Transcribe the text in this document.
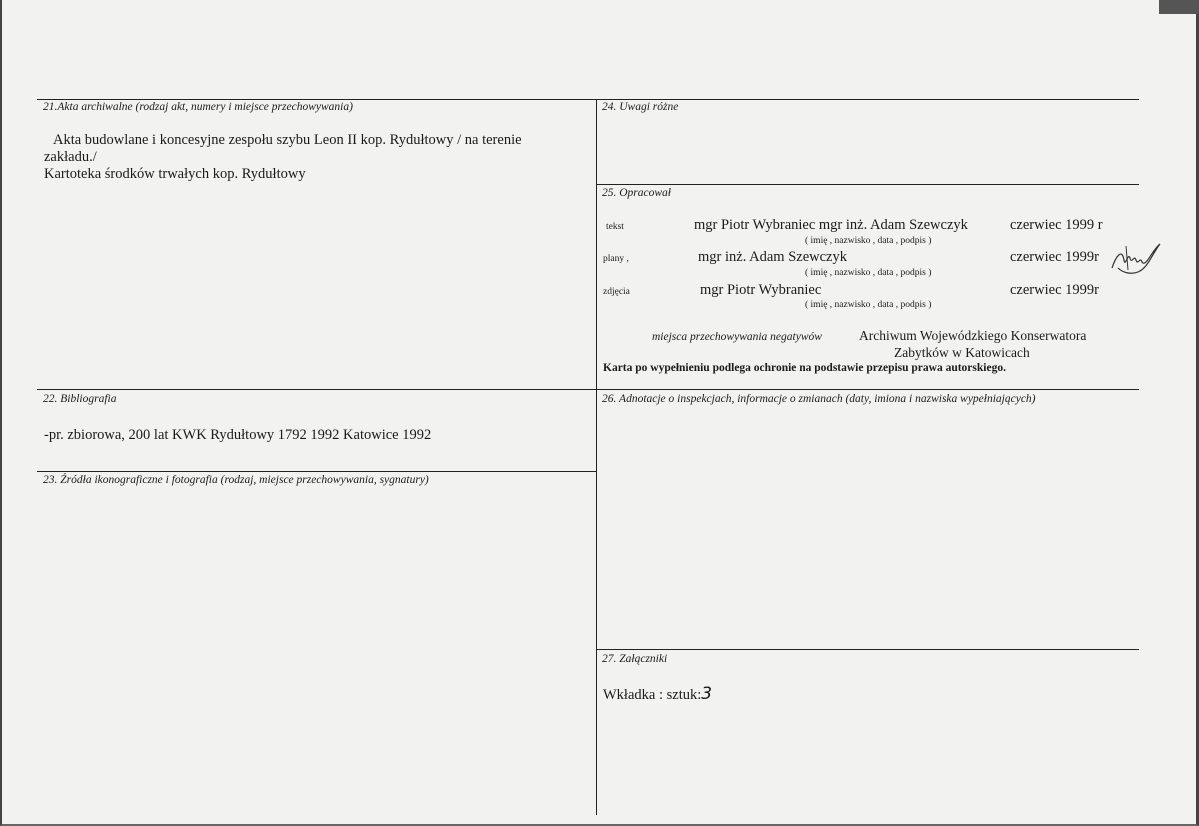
21.Akta archiwalne (rodzaj akt, numery i miejsce przechowywania)
Akta budowlane i koncesyjne zespołu szybu Leon II kop. Rydułtowy / na terenie
zakładu./
Kartoteka środków trwałych kop. Rydułtowy
22. Bibliografia
-pr. zbiorowa, 200 lat KWK Rydułtowy 1792 1992 Katowice 1992
23. Źródła ikonograficzne i fotografia (rodzaj, miejsce przechowywania, sygnatury)
24. Uwagi różne
25. Opracował
tekst	mgr Piotr Wybraniec mgr inż. Adam Szewczyk	czerwiec 1999 r
( imię , nazwisko , data , podpis )
plany ,	mgr inż. Adam Szewczyk	czerwiec 1999r
( imię , nazwisko , data , podpis )
zdjęcia	mgr Piotr Wybraniec	czerwiec 1999r
( imię , nazwisko , data , podpis )
miejsca przechowywania negatywów	Archiwum Wojewódzkiego Konserwatora
Zabytków w Katowicach
Karta po wypełnieniu podlega ochronie na podstawie przepisu prawa autorskiego.
26. Adnotacje o inspekcjach, informacje o zmianach (daty, imiona i nazwiska wypełniających)
27. Załączniki
Wkładka : sztuk:3
